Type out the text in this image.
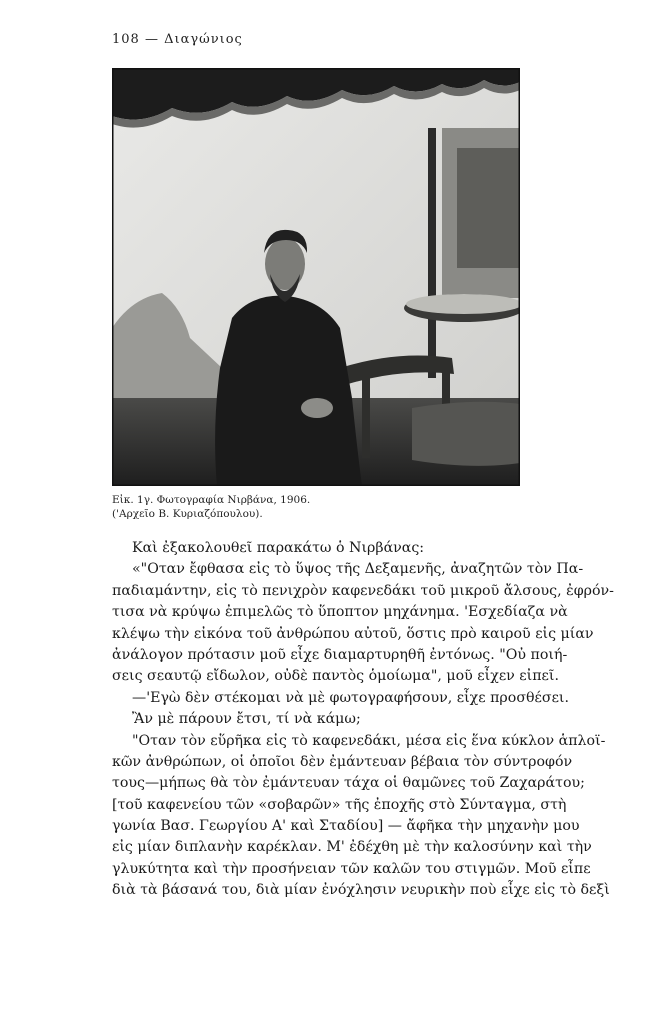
108 — Διαγώνιος
Εἰκ. 1γ. Φωτογραφία Νιρβάνα, 1906.
('Αρχεῖο Β. Κυριαζόπουλου).
Καὶ ἐξακολουθεῖ παρακάτω ὁ Νιρβάνας:
«"Οταν ἔφθασα εἰς τὸ ὕψος τῆς Δεξαμενῆς, ἀναζητῶν τὸν Πα-
παδιαμάντην, εἰς τὸ πενιχρὸν καφενεδάκι τοῦ μικροῦ ἄλσους, ἐφρόν-
τισα νὰ κρύψω ἐπιμελῶς τὸ ὕποπτον μηχάνημα. 'Εσχεδίαζα νὰ
κλέψω τὴν εἰκόνα τοῦ ἀνθρώπου αὐτοῦ, ὅστις πρὸ καιροῦ εἰς μίαν
ἀνάλογον πρότασιν μοῦ εἶχε διαμαρτυρηθῆ ἐντόνως. "Οὐ ποιή-
σεις σεαυτῷ εἴδωλον, οὐδὲ παντὸς ὁμοίωμα", μοῦ εἶχεν εἰπεῖ.
—'Εγὼ δὲν στέκομαι νὰ μὲ φωτογραφήσουν, εἶχε προσθέσει.
Ἂν μὲ πάρουν ἔτσι, τί νὰ κάμω;
"Οταν τὸν εὕρῆκα εἰς τὸ καφενεδάκι, μέσα εἰς ἕνα κύκλον ἁπλοϊ-
κῶν ἀνθρώπων, οἱ ὁποῖοι δὲν ἐμάντευαν βέβαια τὸν σύντροφόν
τους—μήπως θὰ τὸν ἐμάντευαν τάχα οἱ θαμῶνες τοῦ Ζαχαράτου;
[τοῦ καφενείου τῶν «σοβαρῶν» τῆς ἐποχῆς στὸ Σύνταγμα, στὴ
γωνία Βασ. Γεωργίου Α' καὶ Σταδίου] — ἄφῆκα τὴν μηχανὴν μου
εἰς μίαν διπλανὴν καρέκλαν. Μ' ἐδέχθη μὲ τὴν καλοσύνην καὶ τὴν
γλυκύτητα καὶ τὴν προσήνειαν τῶν καλῶν του στιγμῶν. Μοῦ εἶπε
διὰ τὰ βάσανά του, διὰ μίαν ἐνόχλησιν νευρικὴν ποὺ εἶχε εἰς τὸ δεξὶ
